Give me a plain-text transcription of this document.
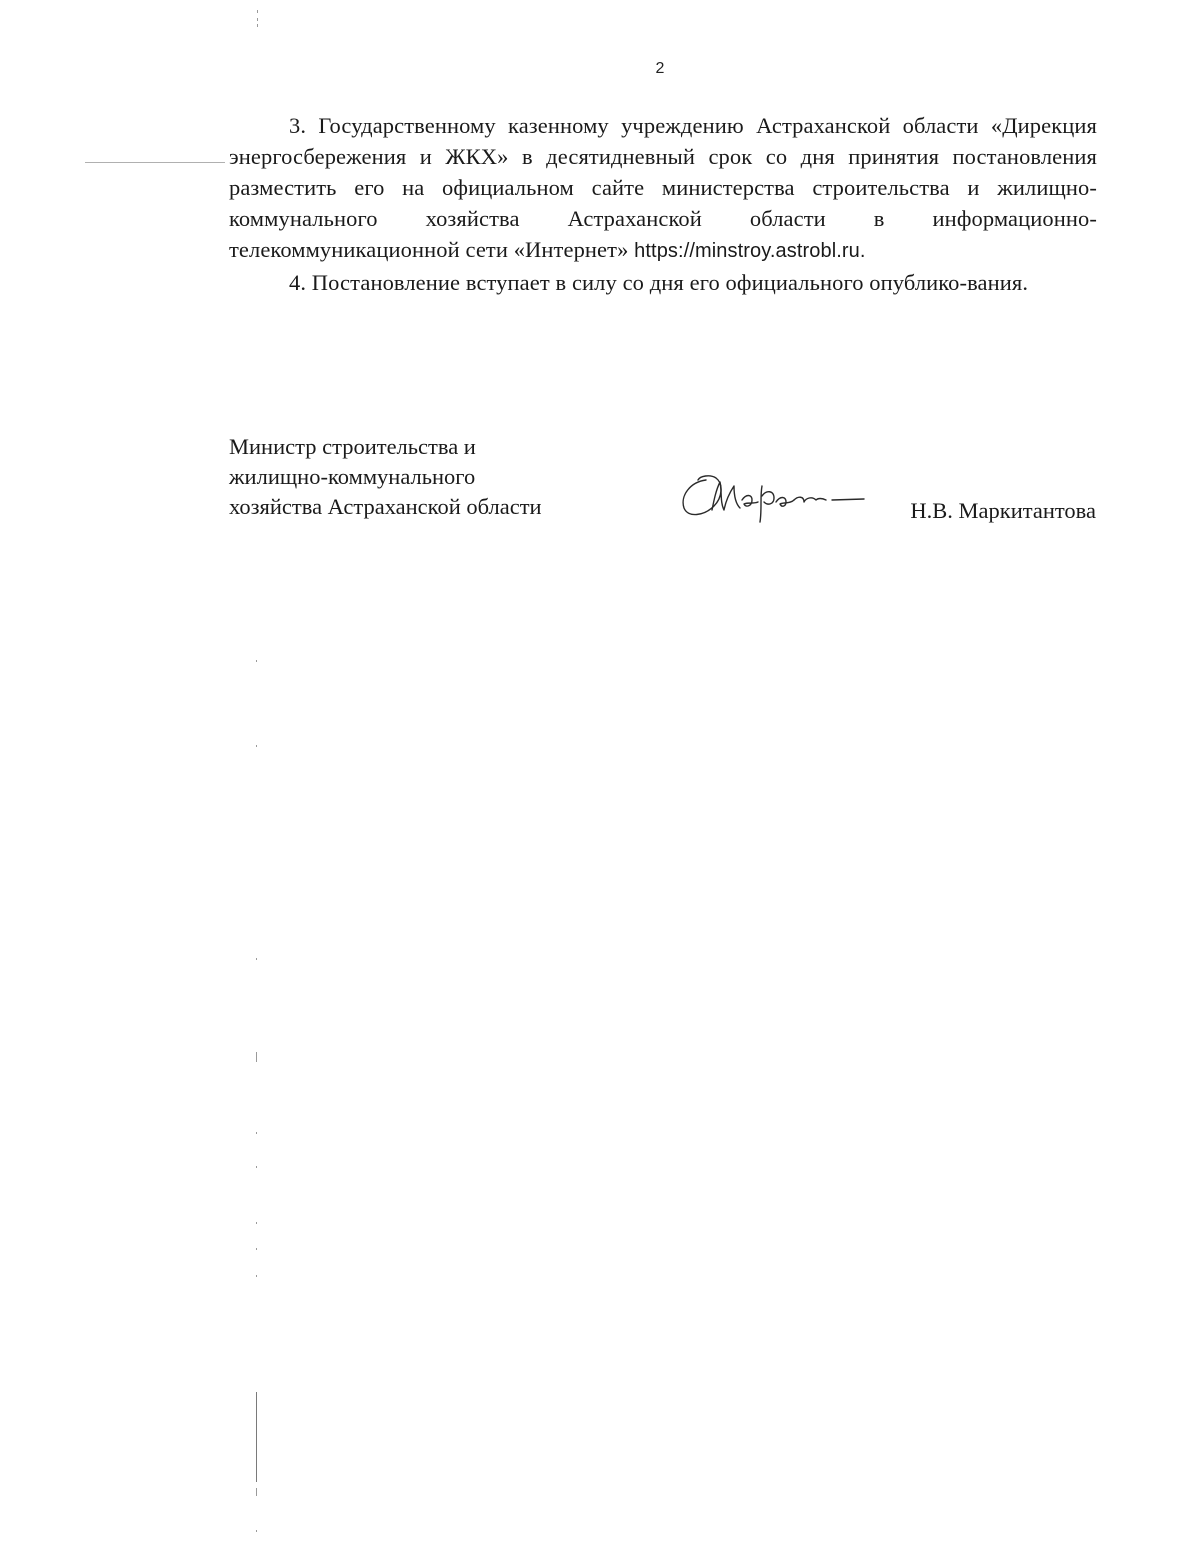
2

3. Государственному казенному учреждению Астраханской области «Дирекция энергосбережения и ЖКХ» в десятидневный срок со дня принятия постановления разместить его на официальном сайте министерства строительства и жилищно-коммунального хозяйства Астраханской области в информационно-телекоммуникационной сети «Интернет» https://minstroy.astrobl.ru.

4. Постановление вступает в силу со дня его официального опублико-вания.

Министр строительства и
жилищно-коммунального
хозяйства Астраханской области	Н.В. Маркитантова
